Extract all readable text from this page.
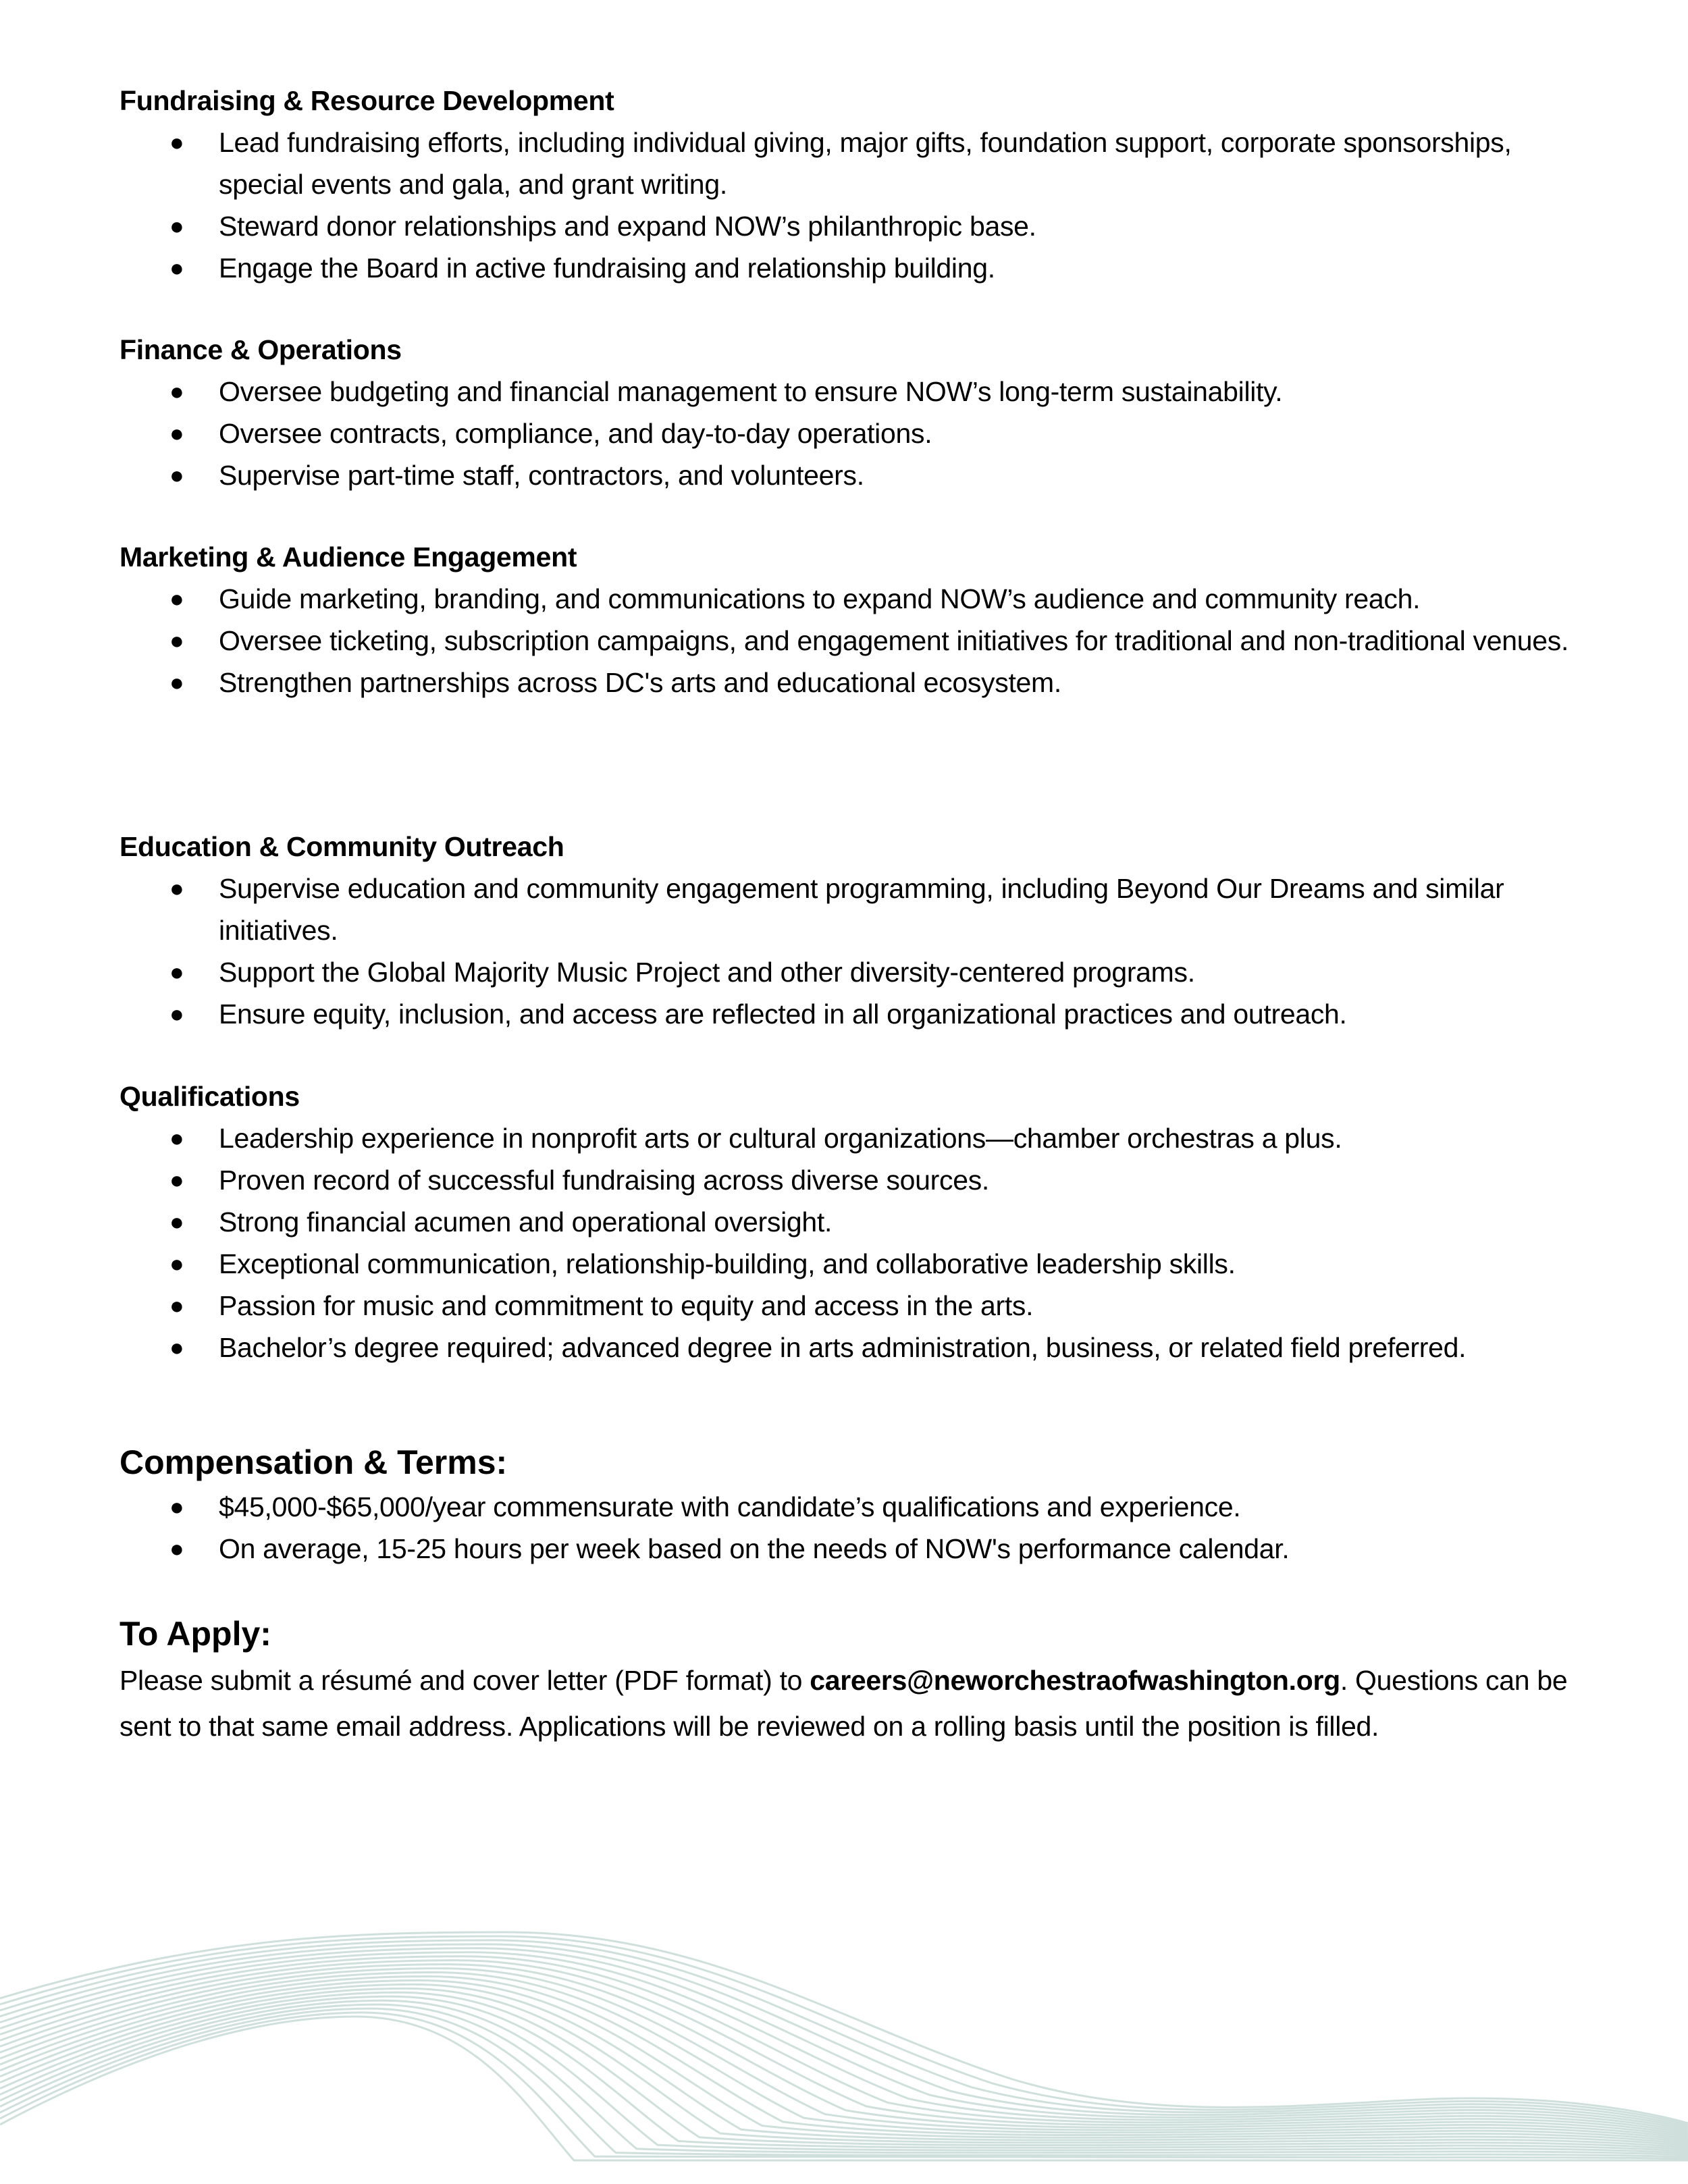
Fundraising & Resource Development
● Lead fundraising efforts, including individual giving, major gifts, foundation support, corporate sponsorships, special events and gala, and grant writing.
● Steward donor relationships and expand NOW’s philanthropic base.
● Engage the Board in active fundraising and relationship building.
Finance & Operations
● Oversee budgeting and financial management to ensure NOW’s long-term sustainability.
● Oversee contracts, compliance, and day-to-day operations.
● Supervise part-time staff, contractors, and volunteers.
Marketing & Audience Engagement
● Guide marketing, branding, and communications to expand NOW’s audience and community reach.
● Oversee ticketing, subscription campaigns, and engagement initiatives for traditional and non-traditional venues.
● Strengthen partnerships across DC's arts and educational ecosystem.
Education & Community Outreach
● Supervise education and community engagement programming, including Beyond Our Dreams and similar initiatives.
● Support the Global Majority Music Project and other diversity-centered programs.
● Ensure equity, inclusion, and access are reflected in all organizational practices and outreach.
Qualifications
● Leadership experience in nonprofit arts or cultural organizations—chamber orchestras a plus.
● Proven record of successful fundraising across diverse sources.
● Strong financial acumen and operational oversight.
● Exceptional communication, relationship-building, and collaborative leadership skills.
● Passion for music and commitment to equity and access in the arts.
● Bachelor’s degree required; advanced degree in arts administration, business, or related field preferred.
Compensation & Terms:
● $45,000-$65,000/year commensurate with candidate’s qualifications and experience.
● On average, 15-25 hours per week based on the needs of NOW's performance calendar.
To Apply:

Please submit a résumé and cover letter (PDF format) to careers@neworchestraofwashington.org. Questions can be sent to that same email address. Applications will be reviewed on a rolling basis until the position is filled.
